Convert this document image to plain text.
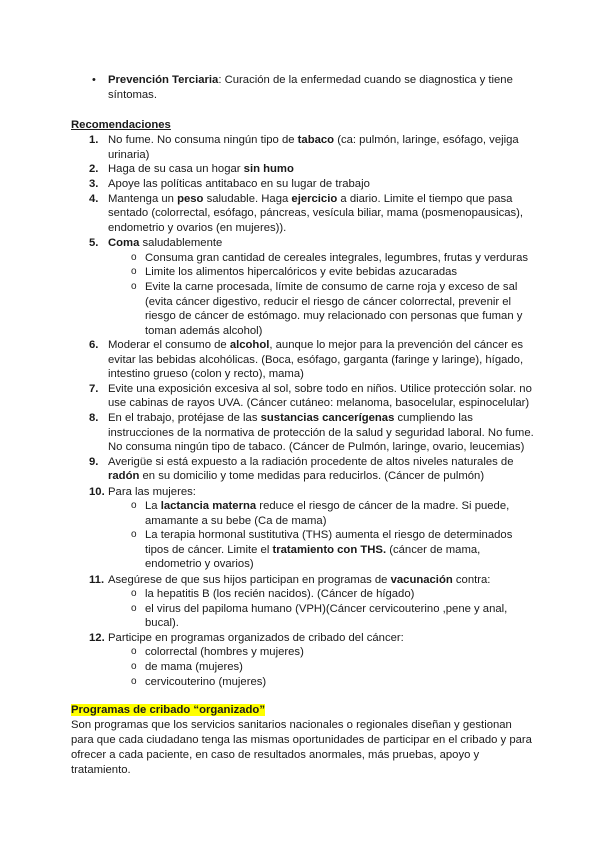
• Prevención Terciaria: Curación de la enfermedad cuando se diagnostica y tiene
síntomas.
Recomendaciones
1. No fume. No consuma ningún tipo de tabaco (ca: pulmón, laringe, esófago, vejiga
urinaria)
2. Haga de su casa un hogar sin humo
3. Apoye las políticas antitabaco en su lugar de trabajo
4. Mantenga un peso saludable. Haga ejercicio a diario. Limite el tiempo que pasa
sentado (colorrectal, esófago, páncreas, vesícula biliar, mama (posmenopausicas),
endometrio y ovarios (en mujeres)).
5. Coma saludablemente
o Consuma gran cantidad de cereales integrales, legumbres, frutas y verduras
o Limite los alimentos hipercalóricos y evite bebidas azucaradas
o Evite la carne procesada, límite de consumo de carne roja y exceso de sal
(evita cáncer digestivo, reducir el riesgo de cáncer colorrectal, prevenir el
riesgo de cáncer de estómago. muy relacionado con personas que fuman y
toman además alcohol)
6. Moderar el consumo de alcohol, aunque lo mejor para la prevención del cáncer es
evitar las bebidas alcohólicas. (Boca, esófago, garganta (faringe y laringe), hígado,
intestino grueso (colon y recto), mama)
7. Evite una exposición excesiva al sol, sobre todo en niños. Utilice protección solar. no
use cabinas de rayos UVA. (Cáncer cutáneo: melanoma, basocelular, espinocelular)
8. En el trabajo, protéjase de las sustancias cancerígenas cumpliendo las
instrucciones de la normativa de protección de la salud y seguridad laboral. No fume.
No consuma ningún tipo de tabaco. (Cáncer de Pulmón, laringe, ovario, leucemias)
9. Averigüe si está expuesto a la radiación procedente de altos niveles naturales de
radón en su domicilio y tome medidas para reducirlos. (Cáncer de pulmón)
10. Para las mujeres:
o La lactancia materna reduce el riesgo de cáncer de la madre. Si puede,
amamante a su bebe (Ca de mama)
o La terapia hormonal sustitutiva (THS) aumenta el riesgo de determinados
tipos de cáncer. Limite el tratamiento con THS. (cáncer de mama,
endometrio y ovarios)
11. Asegúrese de que sus hijos participan en programas de vacunación contra:
o la hepatitis B (los recién nacidos). (Cáncer de hígado)
o el virus del papiloma humano (VPH)(Cáncer cervicouterino ,pene y anal,
bucal).
12. Participe en programas organizados de cribado del cáncer:
o colorrectal (hombres y mujeres)
o de mama (mujeres)
o cervicouterino (mujeres)
Programas de cribado “organizado”
Son programas que los servicios sanitarios nacionales o regionales diseñan y gestionan
para que cada ciudadano tenga las mismas oportunidades de participar en el cribado y para
ofrecer a cada paciente, en caso de resultados anormales, más pruebas, apoyo y
tratamiento.
